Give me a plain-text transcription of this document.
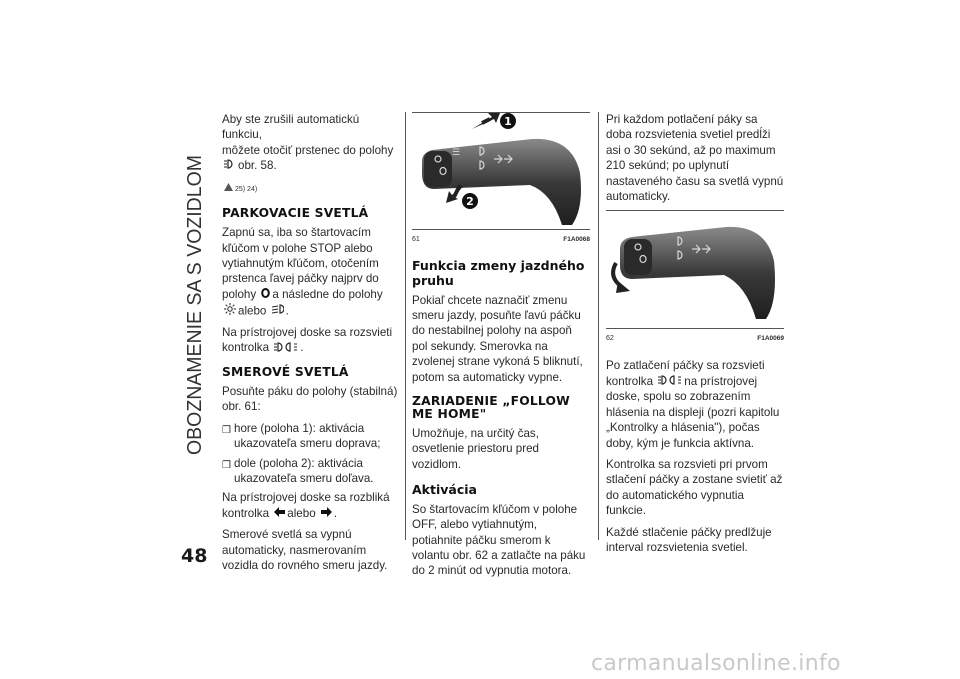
OBOZNAMENIE SA S VOZIDLOM
48

Aby ste zrušili automatickú funkciu,
môžete otočiť prstenec do polohy
obr. 58.

25) 24)

PARKOVACIE SVETLÁ

Zapnú sa, iba so štartovacím kľúčom v polohe STOP alebo vytiahnutým kľúčom, otočením prstenca ľavej páčky najprv do polohy a následne do polohy alebo .

Na prístrojovej doske sa rozsvieti kontrolka	.

SMEROVÉ SVETLÁ

Posuňte páku do polohy (stabilná) obr. 61:

❒ hore (poloha 1): aktivácia ukazovateľa smeru doprava;

❒ dole (poloha 2): aktivácia ukazovateľa smeru doľava.

Na prístrojovej doske sa rozbliká kontrolka alebo .

Smerové svetlá sa vypnú automaticky, nasmerovaním vozidla do rovného smeru jazdy.

☰
1
2
61	F1A0068
Funkcia zmeny jazdného pruhu

Pokiaľ chcete naznačiť zmenu smeru jazdy, posuňte ľavú páčku do nestabilnej polohy na aspoň pol sekundy. Smerovka na zvolenej strane vykoná 5 bliknutí, potom sa automaticky vypne.

ZARIADENIE „FOLLOW ME HOME"

Umožňuje, na určitý čas, osvetlenie priestoru pred vozidlom.

Aktivácia

So štartovacím kľúčom v polohe OFF, alebo vytiahnutým, potiahnite páčku smerom k volantu obr. 62 a zatlačte na páku do 2 minút od vypnutia motora.

Pri každom potlačení páky sa doba rozsvietenia svetiel predĺži asi o 30 sekúnd, až po maximum 210 sekúnd; po uplynutí nastaveného času sa svetlá vypnú automaticky.

62	F1A0069

Po zatlačení páčky sa rozsvieti kontrolka	na prístrojovej doske, spolu so zobrazením hlásenia na displeji (pozri kapitolu „Kontrolky a hlásenia"), počas doby, kým je funkcia aktívna.

Kontrolka sa rozsvieti pri prvom stlačení páčky a zostane svietiť až do automatického vypnutia funkcie.

Každé stlačenie páčky predlžuje interval rozsvietenia svetiel.

carmanualsonline.info
